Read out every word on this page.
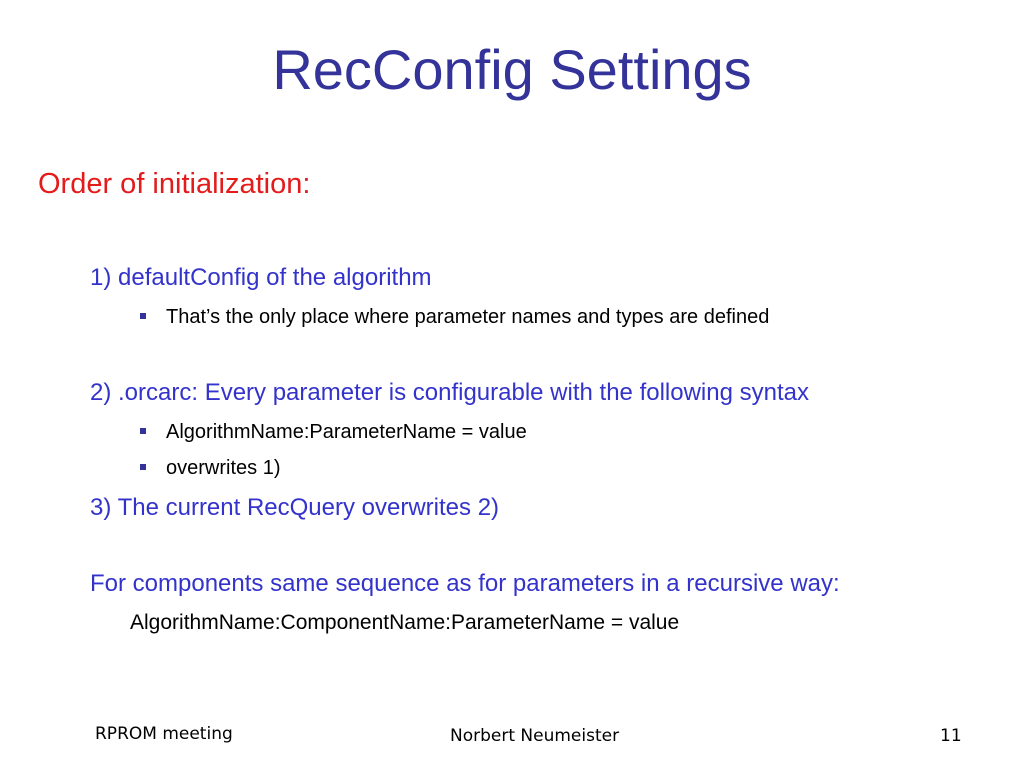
RecConfig Settings
Order of initialization:
1) defaultConfig of the algorithm
That’s the only place where parameter names and types are defined
2) .orcarc: Every parameter is configurable with the following syntax
AlgorithmName:ParameterName = value
overwrites 1)
3) The current RecQuery overwrites 2)
For components same sequence as for parameters in a recursive way:
AlgorithmName:ComponentName:ParameterName = value
RPROM meeting	Norbert Neumeister	11
